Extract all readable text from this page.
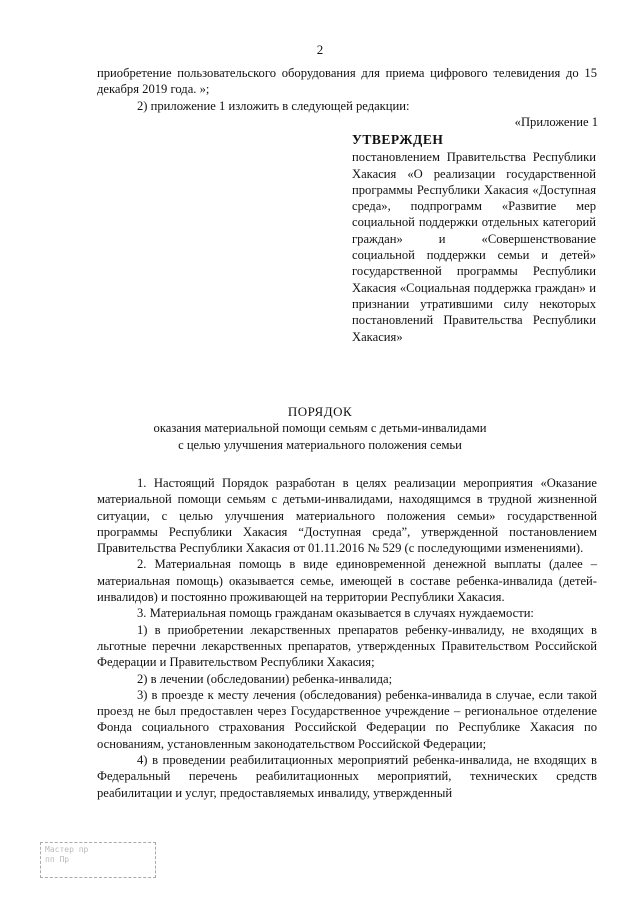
2

приобретение пользовательского оборудования для приема цифрового телевидения до 15 декабря 2019 года. »;

2) приложение 1 изложить в следующей редакции:

«Приложение 1
УТВЕРЖДЕН

постановлением Правительства Республики Хакасия «О реализации государственной программы Республики Хакасия «Доступная среда», подпрограмм «Развитие мер социальной поддержки отдельных категорий граждан» и «Совершенствование социальной поддержки семьи и детей» государственной программы Республики Хакасия «Социальная поддержка граждан» и признании утратившими силу некоторых постановлений Правительства Республики Хакасия»

ПОРЯДОК
оказания материальной помощи семьям с детьми-инвалидами
с целью улучшения материального положения семьи

1. Настоящий Порядок разработан в целях реализации мероприятия «Оказание материальной помощи семьям с детьми-инвалидами, находящимся в трудной жизненной ситуации, с целью улучшения материального положения семьи» государственной программы Республики Хакасия “Доступная среда”, утвержденной постановлением Правительства Республики Хакасия от 01.11.2016 № 529 (с последующими изменениями).

2. Материальная помощь в виде единовременной денежной выплаты (далее – материальная помощь) оказывается семье, имеющей в составе ребенка-инвалида (детей-инвалидов) и постоянно проживающей на территории Республики Хакасия.

3. Материальная помощь гражданам оказывается в случаях нуждаемости:

1) в приобретении лекарственных препаратов ребенку-инвалиду, не входящих в льготные перечни лекарственных препаратов, утвержденных Правительством Российской Федерации и Правительством Республики Хакасия;

2) в лечении (обследовании) ребенка-инвалида;

3) в проезде к месту лечения (обследования) ребенка-инвалида в случае, если такой проезд не был предоставлен через Государственное учреждение – региональное отделение Фонда социального страхования Российской Федерации по Республике Хакасия по основаниям, установленным законодательством Российской Федерации;

4) в проведении реабилитационных мероприятий ребенка-инвалида, не входящих в Федеральный перечень реабилитационных мероприятий, технических средств реабилитации и услуг, предоставляемых инвалиду, утвержденный

Мастер пр
пп Пр
